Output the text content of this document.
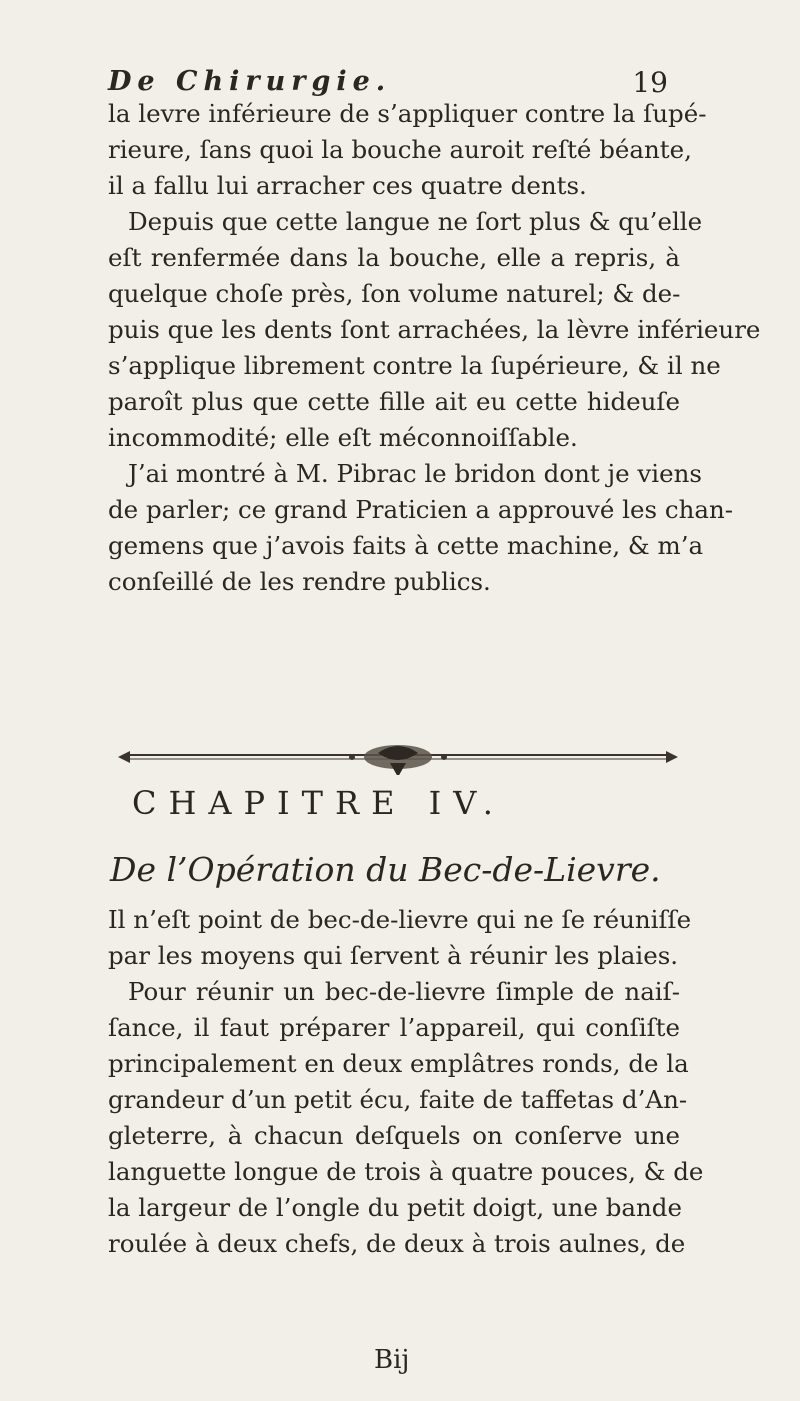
De Chirurgie.	19
la levre inférieure de s’appliquer contre la ſupé-
rieure, ſans quoi la bouche auroit reſté béante,
il a fallu lui arracher ces quatre dents.
Depuis que cette langue ne ſort plus & qu’elle
eſt renfermée dans la bouche, elle a repris, à
quelque choſe près, ſon volume naturel; & de-
puis que les dents ſont arrachées, la lèvre inférieure
s’applique librement contre la ſupérieure, & il ne
paroît plus que cette fille ait eu cette hideuſe
incommodité; elle eſt méconnoiſſable.
J’ai montré à M. Pibrac le bridon dont je viens
de parler; ce grand Praticien a approuvé les chan-
gemens que j’avois faits à cette machine, & m’a
conſeillé de les rendre publics.
CHAPITRE IV.
De l’Opération du Bec-de-Lievre.
Il n’eſt point de bec-de-lievre qui ne ſe réuniſſe
par les moyens qui ſervent à réunir les plaies.
Pour réunir un bec-de-lievre ſimple de naiſ-
ſance, il faut préparer l’appareil, qui conſiſte
principalement en deux emplâtres ronds, de la
grandeur d’un petit écu, faite de taffetas d’An-
gleterre, à chacun deſquels on conſerve une
languette longue de trois à quatre pouces, & de
la largeur de l’ongle du petit doigt, une bande
roulée à deux chefs, de deux à trois aulnes, de
Bij
